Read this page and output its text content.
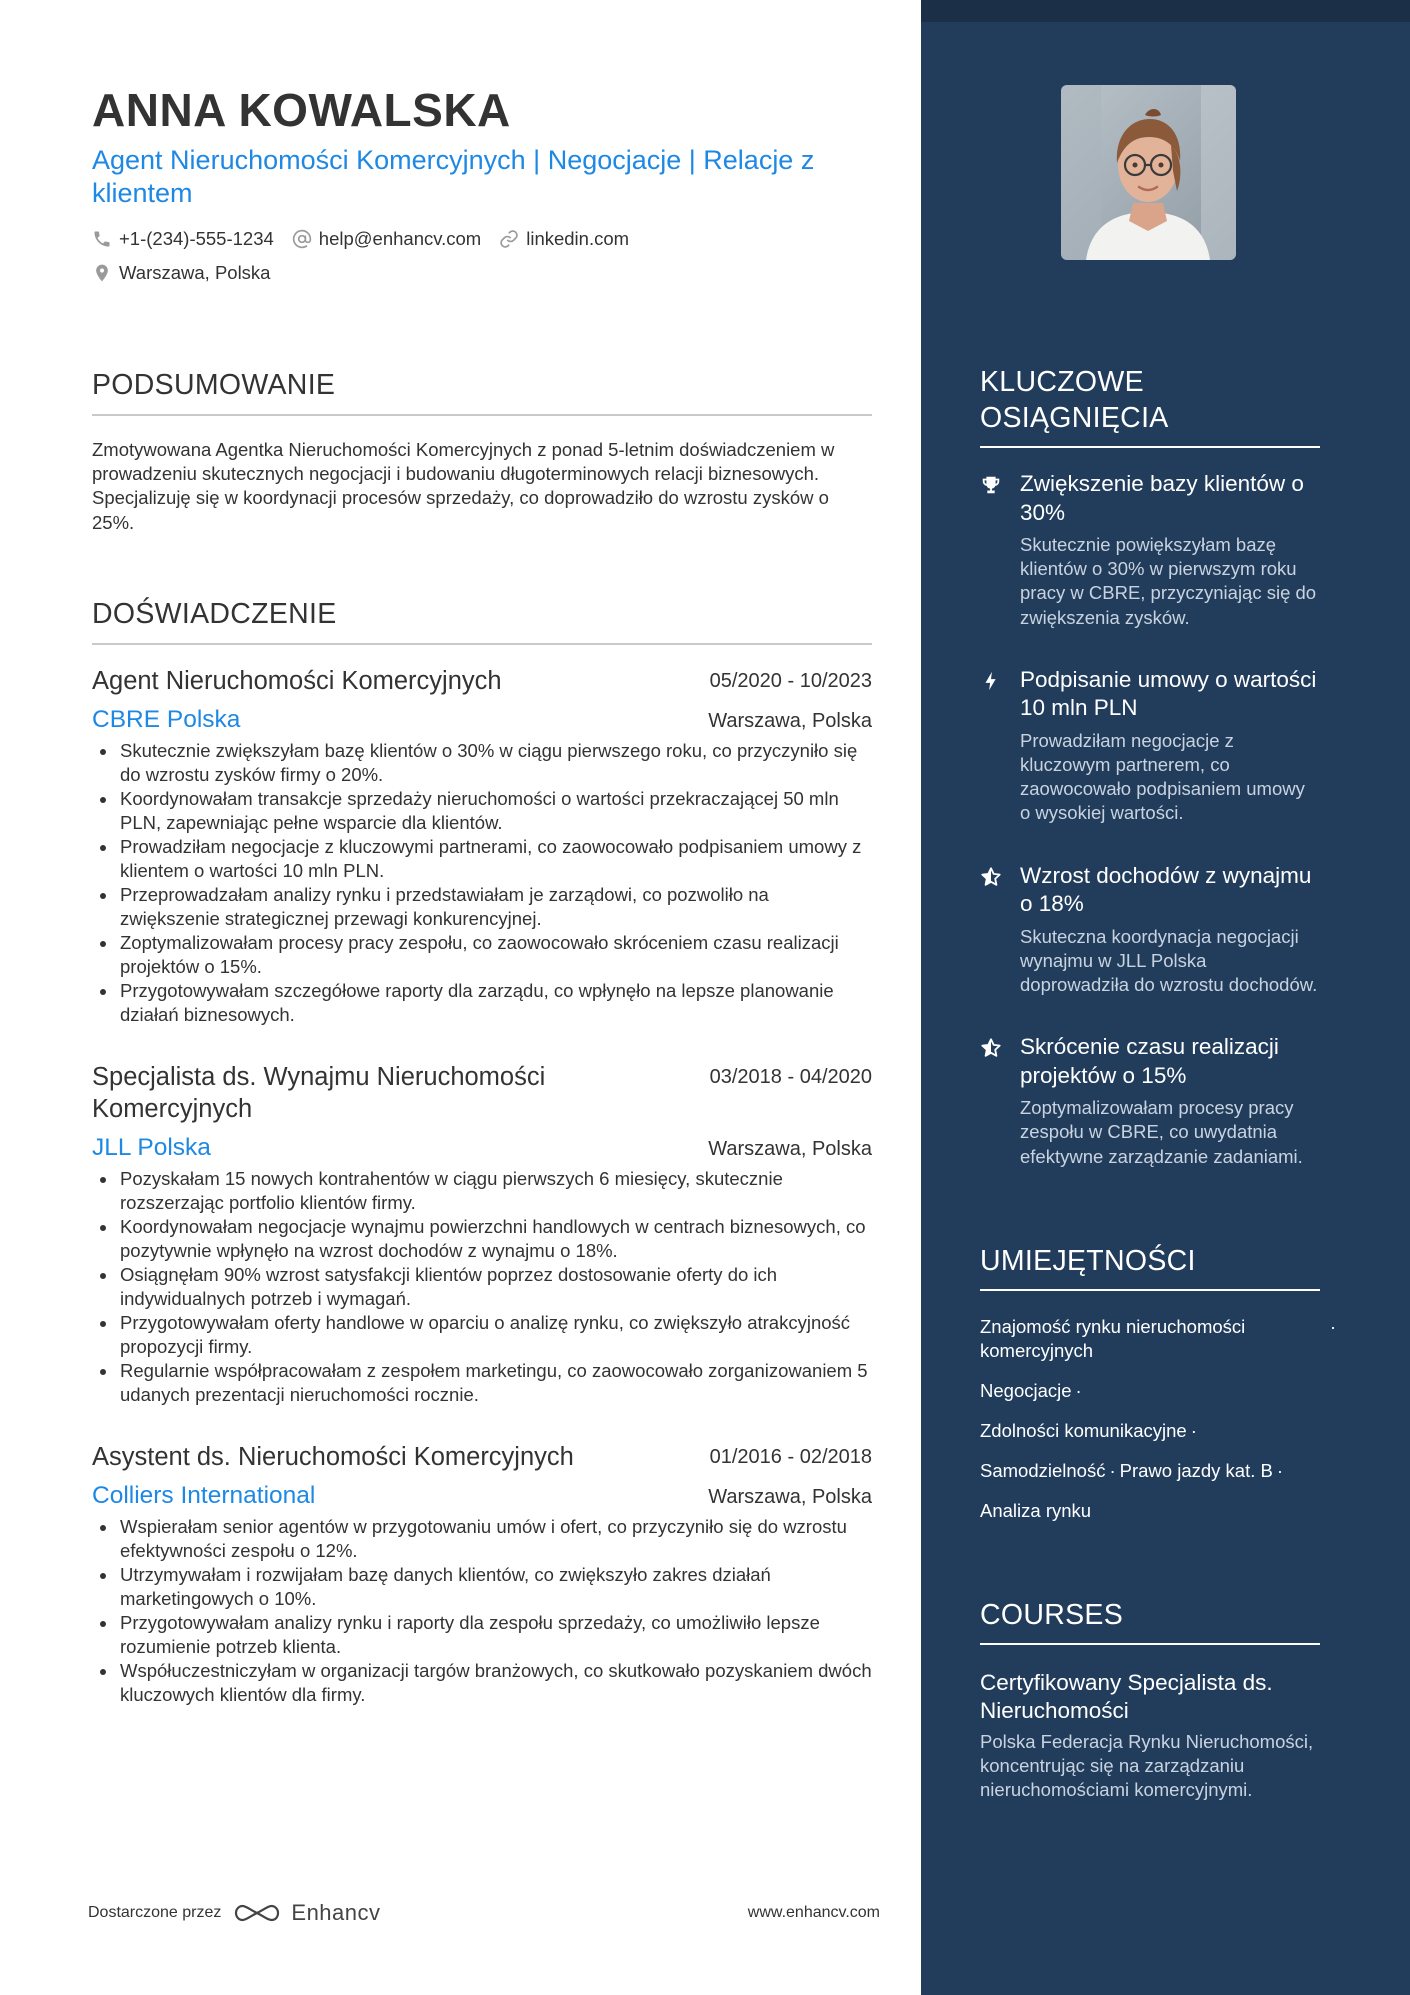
ANNA KOWALSKA
Agent Nieruchomości Komercyjnych | Negocjacje | Relacje z klientem
+1-(234)-555-1234 help@enhancv.com linkedin.com
Warszawa, Polska
PODSUMOWANIE

Zmotywowana Agentka Nieruchomości Komercyjnych z ponad 5-letnim doświadczeniem w prowadzeniu skutecznych negocjacji i budowaniu długoterminowych relacji biznesowych. Specjalizuję się w koordynacji procesów sprzedaży, co doprowadziło do wzrostu zysków o 25%.

DOŚWIADCZENIE
Agent Nieruchomości Komercyjnych	05/2020 - 10/2023
CBRE Polska	Warszawa, Polska
Skutecznie zwiększyłam bazę klientów o 30% w ciągu pierwszego roku, co przyczyniło się do wzrostu zysków firmy o 20%.
Koordynowałam transakcje sprzedaży nieruchomości o wartości przekraczającej 50 mln PLN, zapewniając pełne wsparcie dla klientów.
Prowadziłam negocjacje z kluczowymi partnerami, co zaowocowało podpisaniem umowy z klientem o wartości 10 mln PLN.
Przeprowadzałam analizy rynku i przedstawiałam je zarządowi, co pozwoliło na zwiększenie strategicznej przewagi konkurencyjnej.
Zoptymalizowałam procesy pracy zespołu, co zaowocowało skróceniem czasu realizacji projektów o 15%.
Przygotowywałam szczegółowe raporty dla zarządu, co wpłynęło na lepsze planowanie działań biznesowych.
Specjalista ds. Wynajmu Nieruchomości Komercyjnych
03/2018 - 04/2020
JLL Polska	Warszawa, Polska
Pozyskałam 15 nowych kontrahentów w ciągu pierwszych 6 miesięcy, skutecznie rozszerzając portfolio klientów firmy.
Koordynowałam negocjacje wynajmu powierzchni handlowych w centrach biznesowych, co pozytywnie wpłynęło na wzrost dochodów z wynajmu o 18%.
Osiągnęłam 90% wzrost satysfakcji klientów poprzez dostosowanie oferty do ich indywidualnych potrzeb i wymagań.
Przygotowywałam oferty handlowe w oparciu o analizę rynku, co zwiększyło atrakcyjność propozycji firmy.
Regularnie współpracowałam z zespołem marketingu, co zaowocowało zorganizowaniem 5 udanych prezentacji nieruchomości rocznie.
Asystent ds. Nieruchomości Komercyjnych	01/2016 - 02/2018
Colliers International	Warszawa, Polska
Wspierałam senior agentów w przygotowaniu umów i ofert, co przyczyniło się do wzrostu efektywności zespołu o 12%.
Utrzymywałam i rozwijałam bazę danych klientów, co zwiększyło zakres działań marketingowych o 10%.
Przygotowywałam analizy rynku i raporty dla zespołu sprzedaży, co umożliwiło lepsze rozumienie potrzeb klienta.
Współuczestniczyłam w organizacji targów branżowych, co skutkowało pozyskaniem dwóch kluczowych klientów dla firmy.
Dostarczone przez	Enhancv	www.enhancv.com
KLUCZOWE OSIĄGNIĘCIA
Zwiększenie bazy klientów o 30%
Skutecznie powiększyłam bazę klientów o 30% w pierwszym roku pracy w CBRE, przyczyniając się do zwiększenia zysków.
Podpisanie umowy o wartości 10 mln PLN
Prowadziłam negocjacje z kluczowym partnerem, co zaowocowało podpisaniem umowy o wysokiej wartości.
Wzrost dochodów z wynajmu o 18%
Skuteczna koordynacja negocjacji wynajmu w JLL Polska doprowadziła do wzrostu dochodów.
Skrócenie czasu realizacji projektów o 15%
Zoptymalizowałam procesy pracy zespołu w CBRE, co uwydatnia efektywne zarządzanie zadaniami.
UMIEJĘTNOŚCI
Znajomość rynku nieruchomości komercyjnych
·
Negocjacje ·
Zdolności komunikacyjne ·
Samodzielność · Prawo jazdy kat. B ·
Analiza rynku
COURSES
Certyfikowany Specjalista ds. Nieruchomości
Polska Federacja Rynku Nieruchomości, koncentrując się na zarządzaniu nieruchomościami komercyjnymi.
